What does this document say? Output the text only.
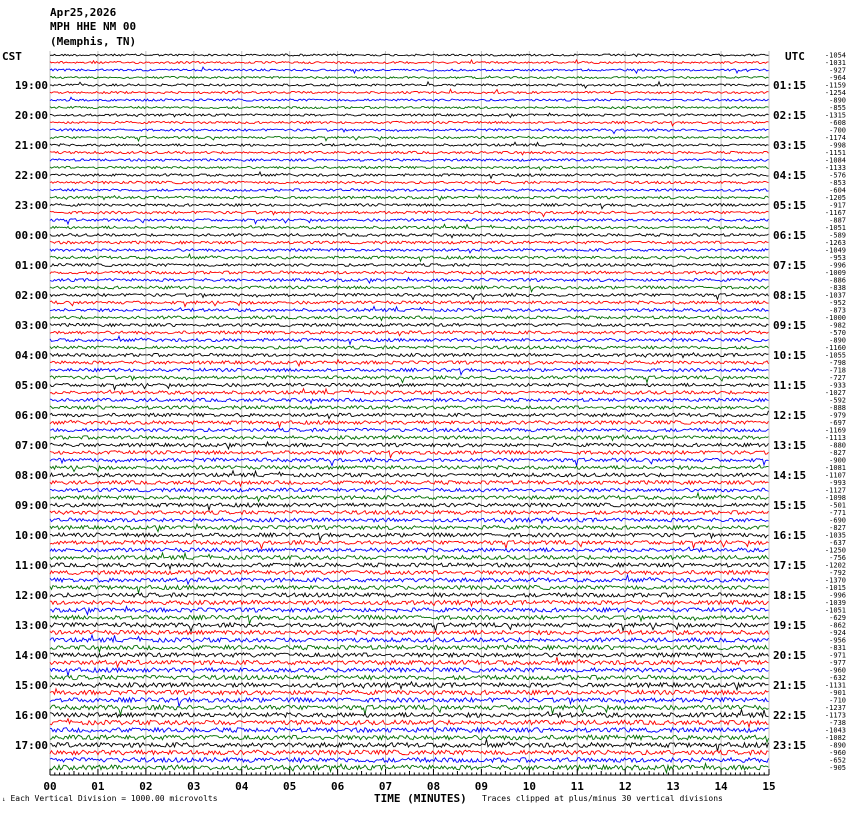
00	01	02	03	04	05	06	07	08	09	10	11	12	13	14	15
19:00
20:00
21:00
22:00
23:00
00:00
01:00
02:00
03:00
04:00
05:00
06:00
07:00
08:00
09:00
10:00
11:00
12:00
13:00
14:00
15:00
16:00
17:00
01:15
02:15
03:15
04:15
05:15
06:15
07:15
08:15
09:15
10:15
11:15
12:15
13:15
14:15
15:15
16:15
17:15
18:15
19:15
20:15
21:15
22:15
23:15
-1054
-1031
-927
-964
-1159
-1254
-890
-855
-1315
-608
-700
-1174
-998
-1151
-1084
-1133
-576
-853
-604
-1205
-917
-1167
-887
-1051
-589
-1263
-1049
-953
-996
-1009
-886
-838
-1037
-952
-873
-1000
-982
-570
-890
-1160
-1055
-798
-718
-727
-933
-1027
-592
-888
-979
-697
-1169
-1113
-880
-827
-900
-1081
-1107
-993
-1127
-1098
-501
-771
-690
-827
-1035
-637
-1250
-756
-1202
-792
-1370
-1015
-996
-1039
-1051
-629
-862
-924
-956
-831
-971
-977
-960
-632
-1131
-901
-710
-1237
-1173
-738
-1043
-1082
-890
-960
-652
-905
Apr25,2026
MPH HHE NM 00
(Memphis, TN)
CST	UTC
↓ Each Vertical Division = 1000.00 microvolts	TIME (MINUTES) Traces clipped at plus/minus 30 vertical divisions
